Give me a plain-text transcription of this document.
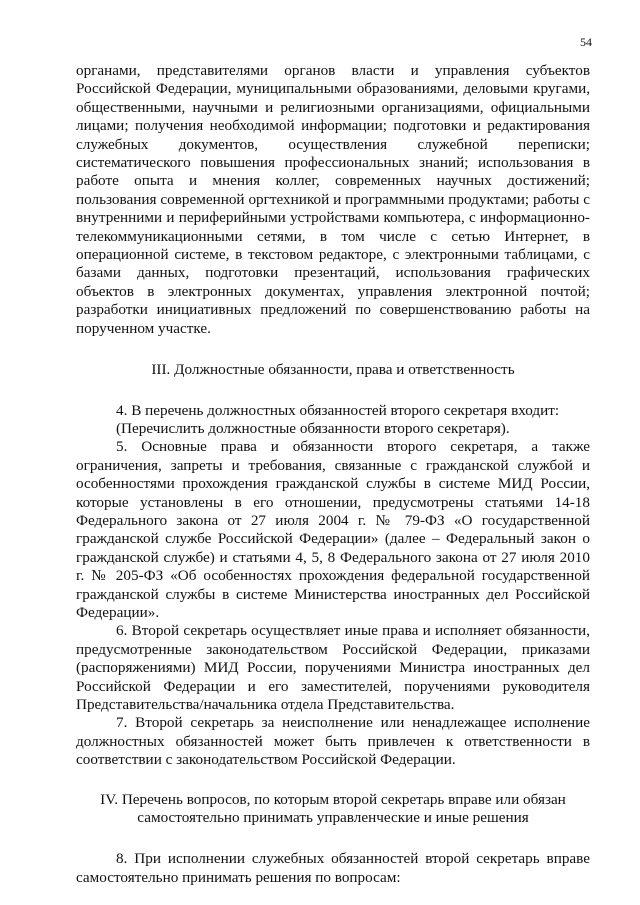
54

органами, представителями органов власти и управления субъектов Российской Федерации, муниципальными образованиями, деловыми кругами, общественными, научными и религиозными организациями, официальными лицами; получения необходимой информации; подготовки и редактирования служебных документов, осуществления служебной переписки; систематического повышения профессиональных знаний; использования в работе опыта и мнения коллег, современных научных достижений; пользования современной оргтехникой и программными продуктами; работы с внутренними и периферийными устройствами компьютера, с информационно-телекоммуникационными сетями, в том числе с сетью Интернет, в операционной системе, в текстовом редакторе, с электронными таблицами, с базами данных, подготовки презентаций, использования графических объектов в электронных документах, управления электронной почтой; разработки инициативных предложений по совершенствованию работы на порученном участке.

III. Должностные обязанности, права и ответственность

4. В перечень должностных обязанностей второго секретаря входит:

(Перечислить должностные обязанности второго секретаря).

5. Основные права и обязанности второго секретаря, а также ограничения, запреты и требования, связанные с гражданской службой и особенностями прохождения гражданской службы в системе МИД России, которые установлены в его отношении, предусмотрены статьями 14-18 Федерального закона от 27 июля 2004 г. № 79-ФЗ «О государственной гражданской службе Российской Федерации» (далее – Федеральный закон о гражданской службе) и статьями 4, 5, 8 Федерального закона от 27 июля 2010 г. № 205-ФЗ «Об особенностях прохождения федеральной государственной гражданской службы в системе Министерства иностранных дел Российской Федерации».

6. Второй секретарь осуществляет иные права и исполняет обязанности, предусмотренные законодательством Российской Федерации, приказами (распоряжениями) МИД России, поручениями Министра иностранных дел Российской Федерации и его заместителей, поручениями руководителя Представительства/начальника отдела Представительства.

7. Второй секретарь за неисполнение или ненадлежащее исполнение должностных обязанностей может быть привлечен к ответственности в соответствии с законодательством Российской Федерации.

IV. Перечень вопросов, по которым второй секретарь вправе или обязан

самостоятельно принимать управленческие и иные решения

8. При исполнении служебных обязанностей второй секретарь вправе самостоятельно принимать решения по вопросам:
